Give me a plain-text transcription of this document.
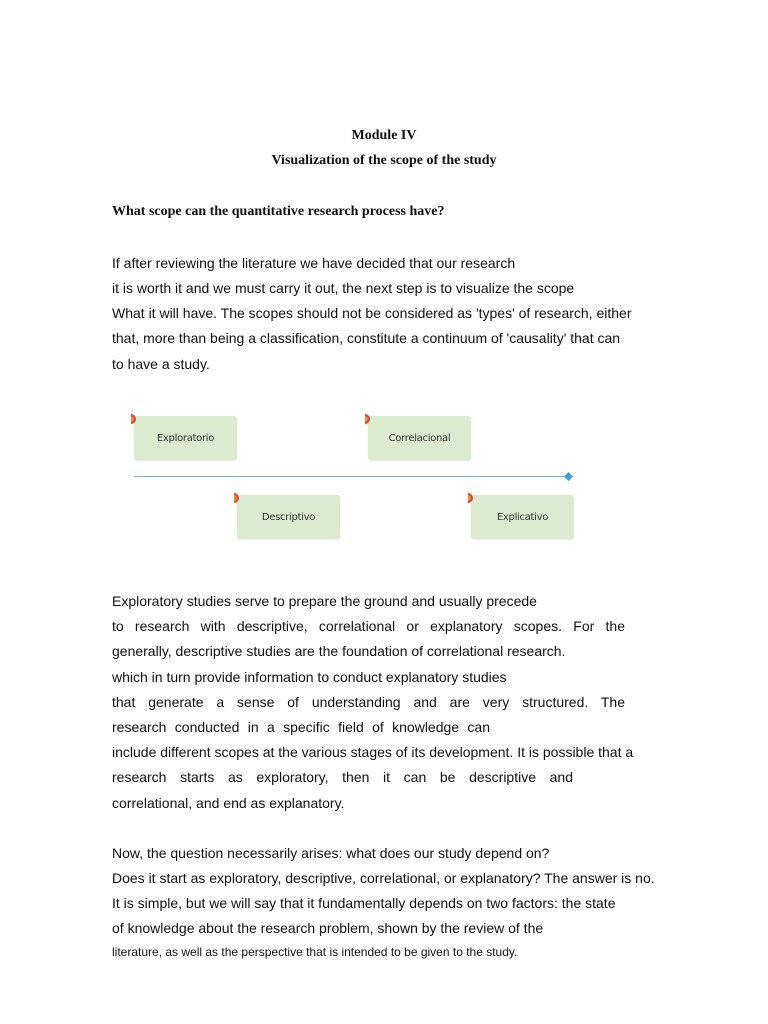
Module IV
Visualization of the scope of the study
What scope can the quantitative research process have?
If after reviewing the literature we have decided that our research
it is worth it and we must carry it out, the next step is to visualize the scope
What it will have. The scopes should not be considered as 'types' of research, either
that, more than being a classification, constitute a continuum of 'causality' that can
to have a study.
Exploratorio
Descriptivo
Correlacional
Explicativo
Exploratory studies serve to prepare the ground and usually precede
to research with descriptive, correlational or explanatory scopes. For the
generally, descriptive studies are the foundation of correlational research.
which in turn provide information to conduct explanatory studies
that generate a sense of understanding and are very structured. The
research conducted in a specific field of knowledge can
include different scopes at the various stages of its development. It is possible that a
research starts as exploratory, then it can be descriptive and
correlational, and end as explanatory.
Now, the question necessarily arises: what does our study depend on?
Does it start as exploratory, descriptive, correlational, or explanatory? The answer is no.
It is simple, but we will say that it fundamentally depends on two factors: the state
of knowledge about the research problem, shown by the review of the
literature, as well as the perspective that is intended to be given to the study.
